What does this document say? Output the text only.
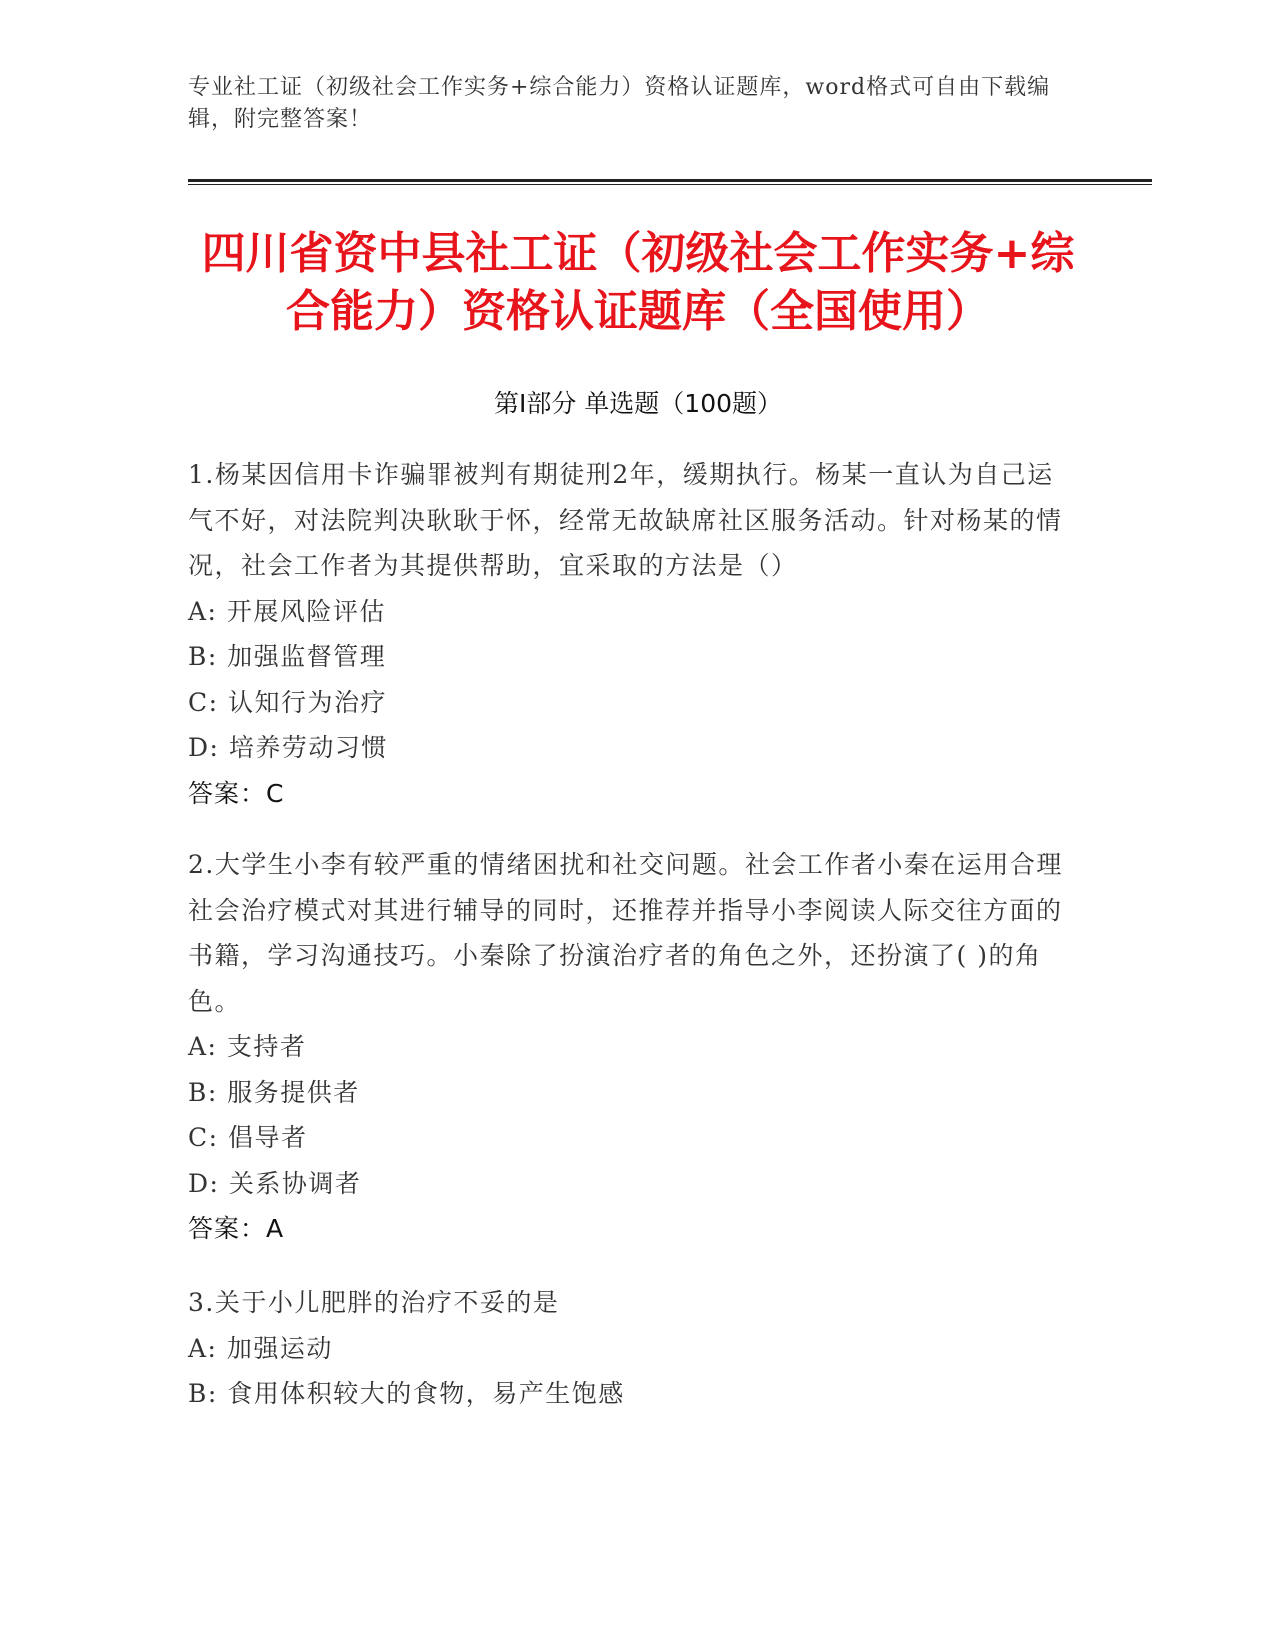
专业社工证（初级社会工作实务+综合能力）资格认证题库，word格式可自由下载编辑，附完整答案！
四川省资中县社工证（初级社会工作实务+综合能力）资格认证题库（全国使用）
第Ⅰ部分 单选题（100题）

1.杨某因信用卡诈骗罪被判有期徒刑2年，缓期执行。杨某一直认为自己运气不好，对法院判决耿耿于怀，经常无故缺席社区服务活动。针对杨某的情况，社会工作者为其提供帮助，宜采取的方法是（）

A: 开展风险评估

B: 加强监督管理

C: 认知行为治疗

D: 培养劳动习惯

答案：C

2.大学生小李有较严重的情绪困扰和社交问题。社会工作者小秦在运用合理社会治疗模式对其进行辅导的同时，还推荐并指导小李阅读人际交往方面的书籍，学习沟通技巧。小秦除了扮演治疗者的角色之外，还扮演了( )的角色。

A: 支持者

B: 服务提供者

C: 倡导者

D: 关系协调者

答案：A

3.关于小儿肥胖的治疗不妥的是

A: 加强运动

B: 食用体积较大的食物，易产生饱感
